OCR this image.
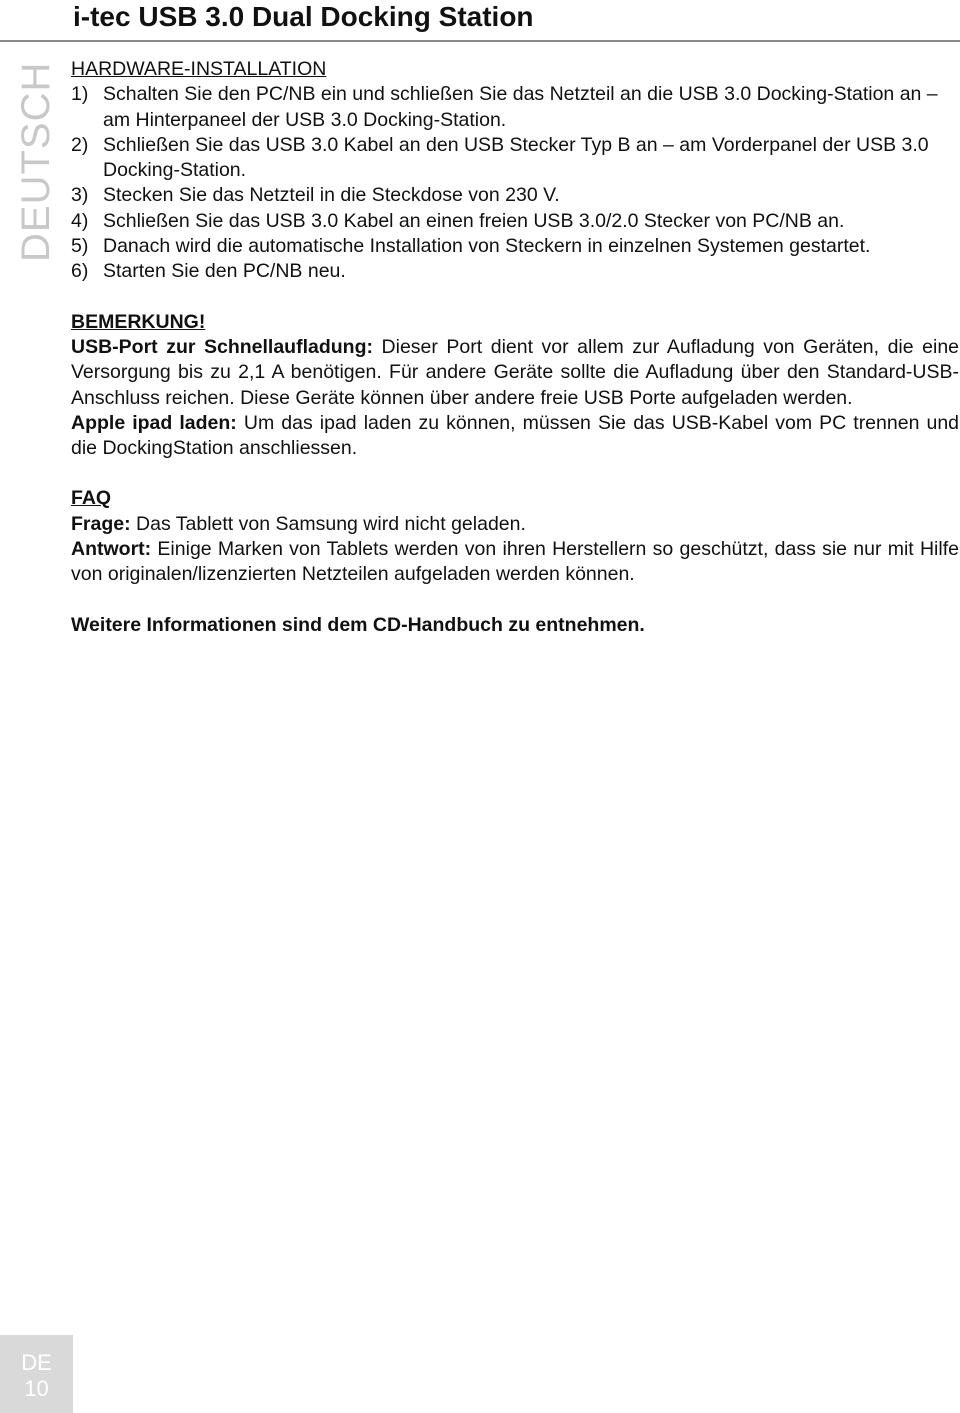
i-tec USB 3.0 Dual Docking Station
DEUTSCH HARDWARE-INSTALLATION
1) Schalten Sie den PC/NB ein und schließen Sie das Netzteil an die USB 3.0 Docking-Station an – am Hinterpaneel der USB 3.0 Docking-Station.
2) Schließen Sie das USB 3.0 Kabel an den USB Stecker Typ B an – am Vorderpanel der USB 3.0 Docking-Station.
3) Stecken Sie das Netzteil in die Steckdose von 230 V.
4) Schließen Sie das USB 3.0 Kabel an einen freien USB 3.0/2.0 Stecker von PC/NB an.
5) Danach wird die automatische Installation von Steckern in einzelnen Systemen gestartet.
6) Starten Sie den PC/NB neu.
BEMERKUNG!
USB-Port zur Schnellaufladung: Dieser Port dient vor allem zur Aufladung von Geräten, die eine Versorgung bis zu 2,1 A benötigen. Für andere Geräte sollte die Aufladung über den Standard-USB-Anschluss reichen. Diese Geräte können über andere freie USB Porte aufgeladen werden.
Apple ipad laden: Um das ipad laden zu können, müssen Sie das USB-Kabel vom PC trennen und die DockingStation anschliessen.
FAQ
Frage: Das Tablett von Samsung wird nicht geladen.
Antwort: Einige Marken von Tablets werden von ihren Herstellern so geschützt, dass sie nur mit Hilfe von originalen/lizenzierten Netzteilen aufgeladen werden können.
Weitere Informationen sind dem CD-Handbuch zu entnehmen.
DE
10
